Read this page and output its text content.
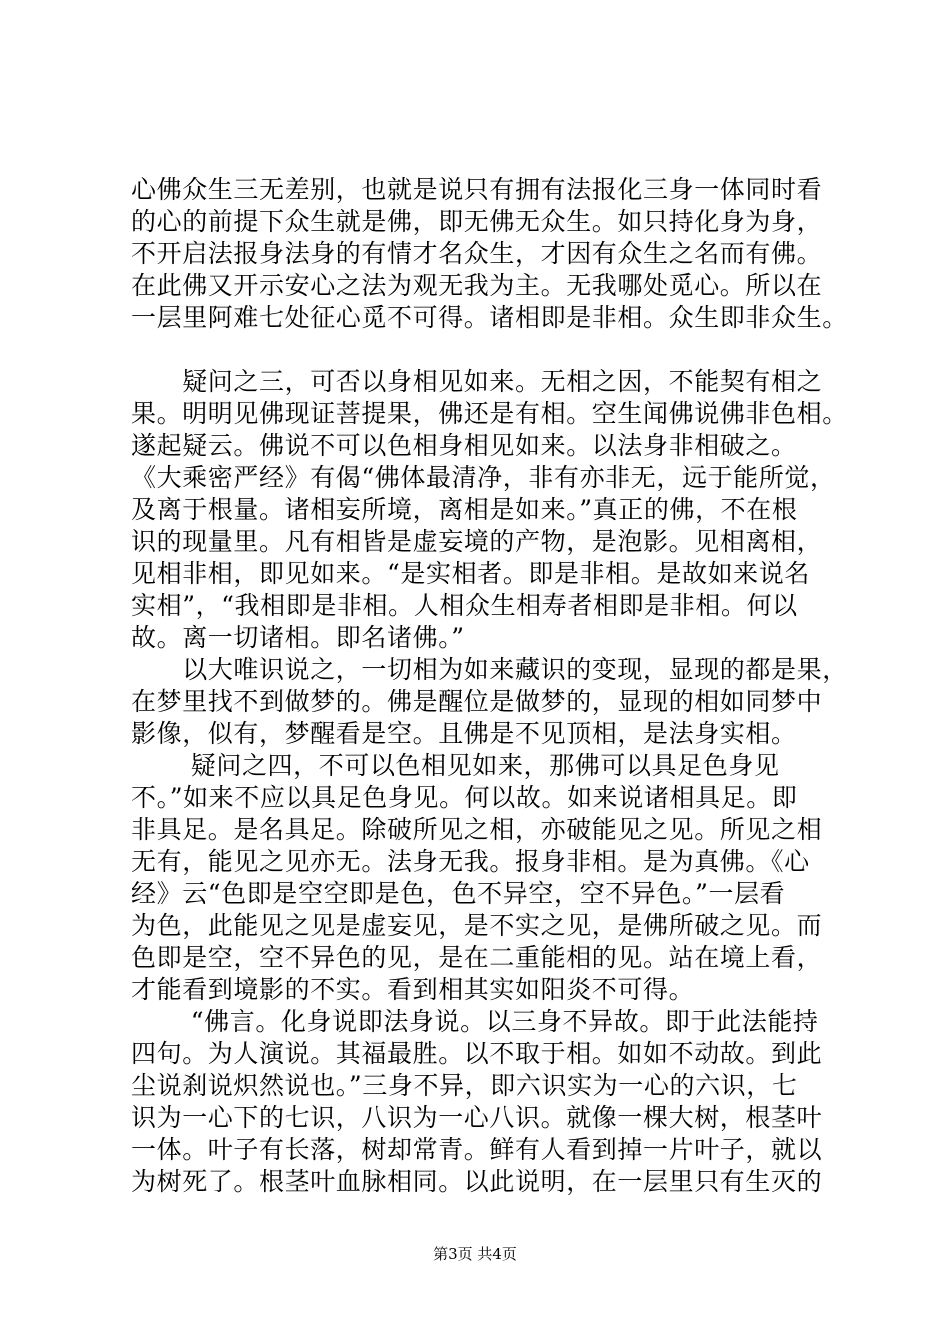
心佛众生三无差别，也就是说只有拥有法报化三身一体同时看
的心的前提下众生就是佛，即无佛无众生。如只持化身为身，
不开启法报身法身的有情才名众生，才因有众生之名而有佛。
在此佛又开示安心之法为观无我为主。无我哪处觅心。所以在
一层里阿难七处征心觅不可得。诸相即是非相。众生即非众生。
　　疑问之三，可否以身相见如来。无相之因，不能契有相之
果。明明见佛现证菩提果，佛还是有相。空生闻佛说佛非色相。
遂起疑云。佛说不可以色相身相见如来。以法身非相破之。
《大乘密严经》有偈“佛体最清净，非有亦非无，远于能所觉，
及离于根量。诸相妄所境，离相是如来。”真正的佛，不在根
识的现量里。凡有相皆是虚妄境的产物，是泡影。见相离相，
见相非相，即见如来。“是实相者。即是非相。是故如来说名
实相”，“我相即是非相。人相众生相寿者相即是非相。何以
故。离一切诸相。即名诸佛。”
　　以大唯识说之，一切相为如来藏识的变现，显现的都是果，
在梦里找不到做梦的。佛是醒位是做梦的，显现的相如同梦中
影像，似有，梦醒看是空。且佛是不见顶相，是法身实相。
　　 疑问之四，不可以色相见如来，那佛可以具足色身见
不。”如来不应以具足色身见。何以故。如来说诸相具足。即
非具足。是名具足。除破所见之相，亦破能见之见。所见之相
无有，能见之见亦无。法身无我。报身非相。是为真佛。《心
经》云“色即是空空即是色，色不异空，空不异色。”一层看
为色，此能见之见是虚妄见，是不实之见，是佛所破之见。而
色即是空，空不异色的见，是在二重能相的见。站在境上看，
才能看到境影的不实。看到相其实如阳炎不可得。
　　 “佛言。化身说即法身说。以三身不异故。即于此法能持
四句。为人演说。其福最胜。以不取于相。如如不动故。到此
尘说刹说炽然说也。”三身不异，即六识实为一心的六识，七
识为一心下的七识，八识为一心八识。就像一棵大树，根茎叶
一体。叶子有长落，树却常青。鲜有人看到掉一片叶子，就以
为树死了。根茎叶血脉相同。以此说明，在一层里只有生灭的
第3页 共4页
